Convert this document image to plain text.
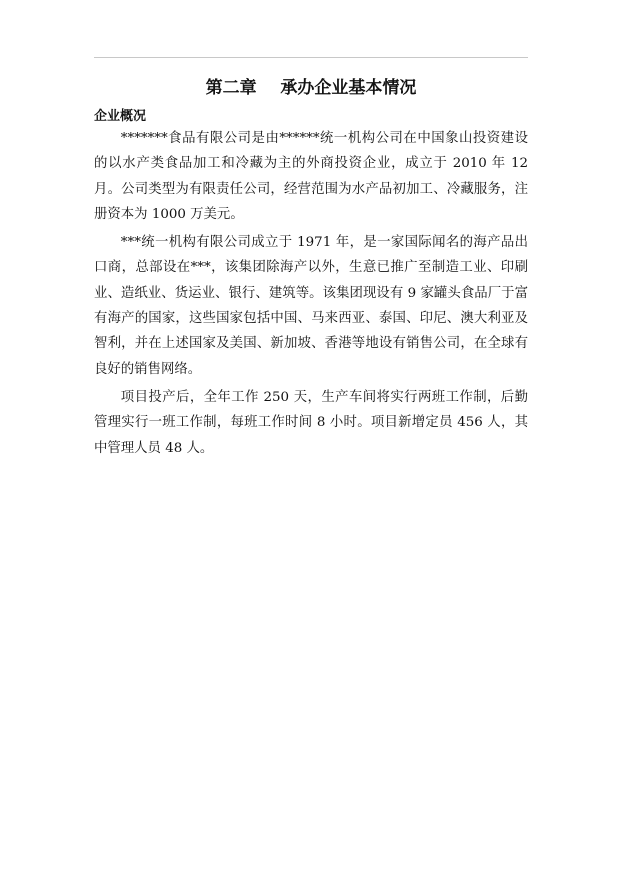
第二章    承办企业基本情况
企业概况

*******食品有限公司是由******统一机构公司在中国象山投资建设的以水产类食品加工和冷藏为主的外商投资企业，成立于 2010 年 12 月。公司类型为有限责任公司，经营范围为水产品初加工、冷藏服务，注册资本为 1000 万美元。

***统一机构有限公司成立于 1971 年，是一家国际闻名的海产品出口商，总部设在***，该集团除海产以外，生意已推广至制造工业、印刷业、造纸业、货运业、银行、建筑等。该集团现设有 9 家罐头食品厂于富有海产的国家，这些国家包括中国、马来西亚、泰国、印尼、澳大利亚及智利，并在上述国家及美国、新加坡、香港等地设有销售公司，在全球有良好的销售网络。

项目投产后，全年工作 250 天，生产车间将实行两班工作制，后勤管理实行一班工作制，每班工作时间 8 小时。项目新增定员 456 人，其中管理人员 48 人。
